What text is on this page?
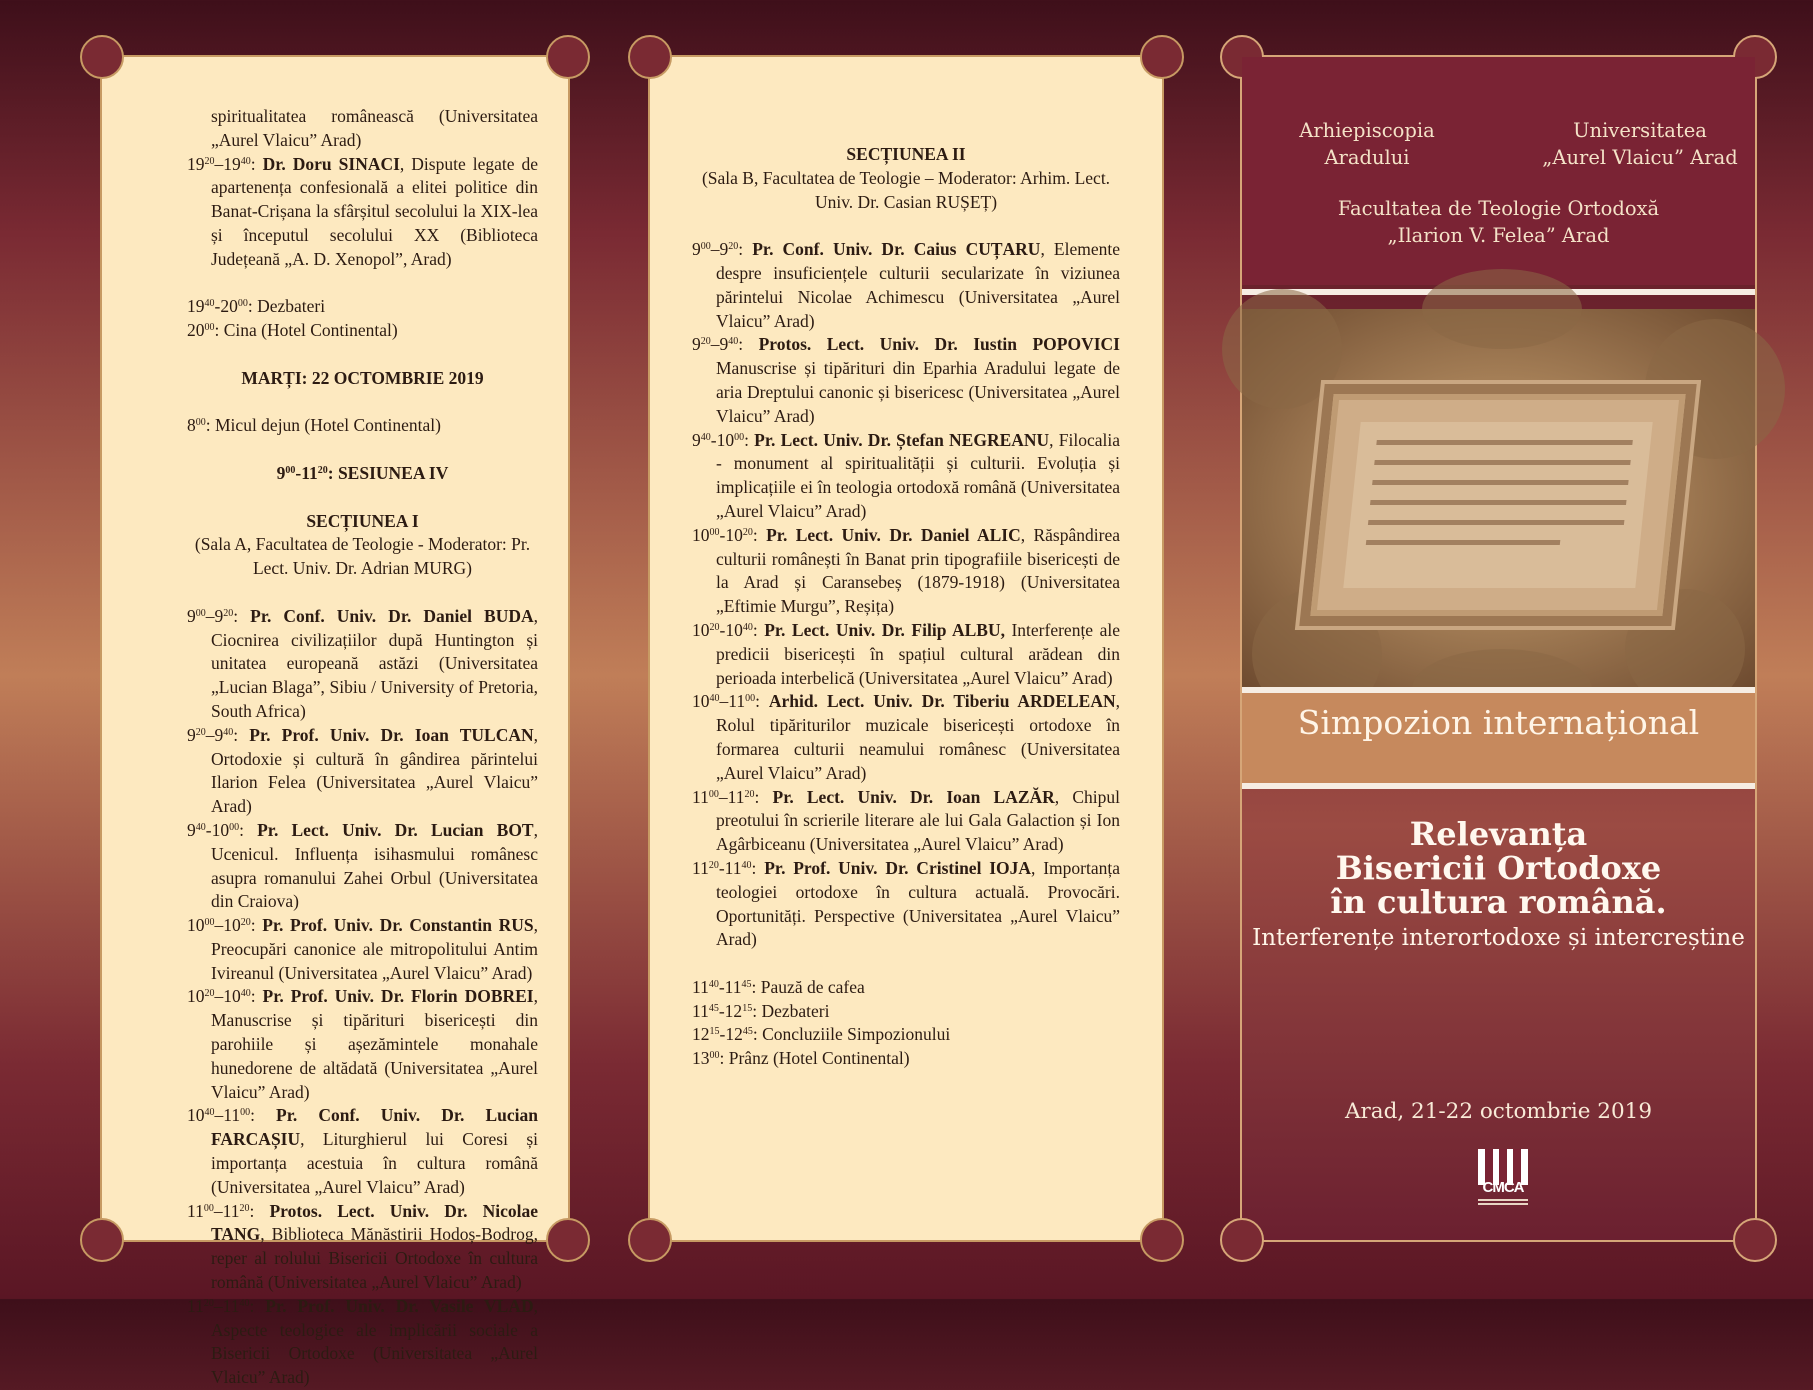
spiritualitatea românească (Universitatea „Aurel Vlaicu” Arad)
$19^{20}-19^{40}$: Dr. Doru SINACI, Dispute legate de apartenența confesională a elitei politice din Banat-Crișana la sfârșitul secolului la XIX-lea și începutul secolului XX (Biblioteca Județeană „A. D. Xenopol”, Arad)
$19^{40}-20^{00}$: Dezbateri
$20^{00}$: Cina (Hotel Continental)
MARȚI: 22 OCTOMBRIE 2019
$8^{00}$: Micul dejun (Hotel Continental)
$9^{00}-11^{20}$: SESIUNEA IV
SECȚIUNEA I
(Sala A, Facultatea de Teologie - Moderator: Pr. Lect. Univ. Dr. Adrian MURG)
$9^{00}-9^{20}$: Pr. Conf. Univ. Dr. Daniel BUDA, Ciocnirea civilizațiilor după Huntington și unitatea europeană astăzi (Universitatea „Lucian Blaga”, Sibiu / University of Pretoria, South Africa)
$9^{20}-9^{40}$: Pr. Prof. Univ. Dr. Ioan TULCAN, Ortodoxie și cultură în gândirea părintelui Ilarion Felea (Universitatea „Aurel Vlaicu” Arad)
$9^{40}-10^{00}$: Pr. Lect. Univ. Dr. Lucian BOT, Ucenicul. Influența isihasmului românesc asupra romanului Zahei Orbul (Universitatea din Craiova)
$10^{00}-10^{20}$: Pr. Prof. Univ. Dr. Constantin RUS, Preocupări canonice ale mitropolitului Antim Ivireanul (Universitatea „Aurel Vlaicu” Arad)
$10^{20}-10^{40}$: Pr. Prof. Univ. Dr. Florin DOBREI, Manuscrise și tipărituri bisericești din parohiile și așezămintele monahale hunedorene de altădată (Universitatea „Aurel Vlaicu” Arad)
$10^{40}-11^{00}$: Pr. Conf. Univ. Dr. Lucian FARCAȘIU, Liturghierul lui Coresi și importanța acestuia în cultura română (Universitatea „Aurel Vlaicu” Arad)
$11^{00}-11^{20}$: Protos. Lect. Univ. Dr. Nicolae TANG, Biblioteca Mănăstirii Hodoș-Bodrog, reper al rolului Bisericii Ortodoxe în cultura română (Universitatea „Aurel Vlaicu” Arad)
$11^{20}-11^{40}$: Pr. Prof. Univ. Dr. Vasile VLAD, Aspecte teologice ale implicării sociale a Bisericii Ortodoxe (Universitatea „Aurel Vlaicu” Arad)
SECȚIUNEA II
(Sala B, Facultatea de Teologie – Moderator: Arhim. Lect. Univ. Dr. Casian RUȘEȚ)
$9^{00}-9^{20}$: Pr. Conf. Univ. Dr. Caius CUȚARU, Elemente despre insuficiențele culturii secularizate în viziunea părintelui Nicolae Achimescu (Universitatea „Aurel Vlaicu” Arad)
$9^{20}-9^{40}$: Protos. Lect. Univ. Dr. Iustin POPOVICI Manuscrise și tipărituri din Eparhia Aradului legate de aria Dreptului canonic și bisericesc (Universitatea „Aurel Vlaicu” Arad)
$9^{40}-10^{00}$: Pr. Lect. Univ. Dr. Ștefan NEGREANU, Filocalia - monument al spiritualității și culturii. Evoluția și implicațiile ei în teologia ortodoxă română (Universitatea „Aurel Vlaicu” Arad)
$10^{00}-10^{20}$: Pr. Lect. Univ. Dr. Daniel ALIC, Răspândirea culturii românești în Banat prin tipografiile bisericești de la Arad și Caransebeș (1879-1918) (Universitatea „Eftimie Murgu”, Reșița)
$10^{20}-10^{40}$: Pr. Lect. Univ. Dr. Filip ALBU, Interferențe ale predicii bisericești în spațiul cultural arădean din perioada interbelică (Universitatea „Aurel Vlaicu” Arad)
$10^{40}-11^{00}$: Arhid. Lect. Univ. Dr. Tiberiu ARDELEAN, Rolul tipăriturilor muzicale bisericești ortodoxe în formarea culturii neamului românesc (Universitatea „Aurel Vlaicu” Arad)
$11^{00}-11^{20}$: Pr. Lect. Univ. Dr. Ioan LAZĂR, Chipul preotului în scrierile literare ale lui Gala Galaction și Ion Agârbiceanu (Universitatea „Aurel Vlaicu” Arad)
$11^{20}-11^{40}$: Pr. Prof. Univ. Dr. Cristinel IOJA, Importanța teologiei ortodoxe în cultura actuală. Provocări. Oportunități. Perspective (Universitatea „Aurel Vlaicu” Arad)
$11^{40}-11^{45}$: Pauză de cafea
$11^{45}-12^{15}$: Dezbateri
$12^{15}-12^{45}$: Concluziile Simpozionului
$13^{00}$: Prânz (Hotel Continental)
Arhiepiscopia
Aradului
Universitatea
„Aurel Vlaicu” Arad
Facultatea de Teologie Ortodoxă
„Ilarion V. Felea” Arad
Simpozion internațional
Relevanța
Bisericii Ortodoxe
în cultura română.
Interferențe interortodoxe și intercreștine
Arad, 21-22 octombrie 2019
CMCA
